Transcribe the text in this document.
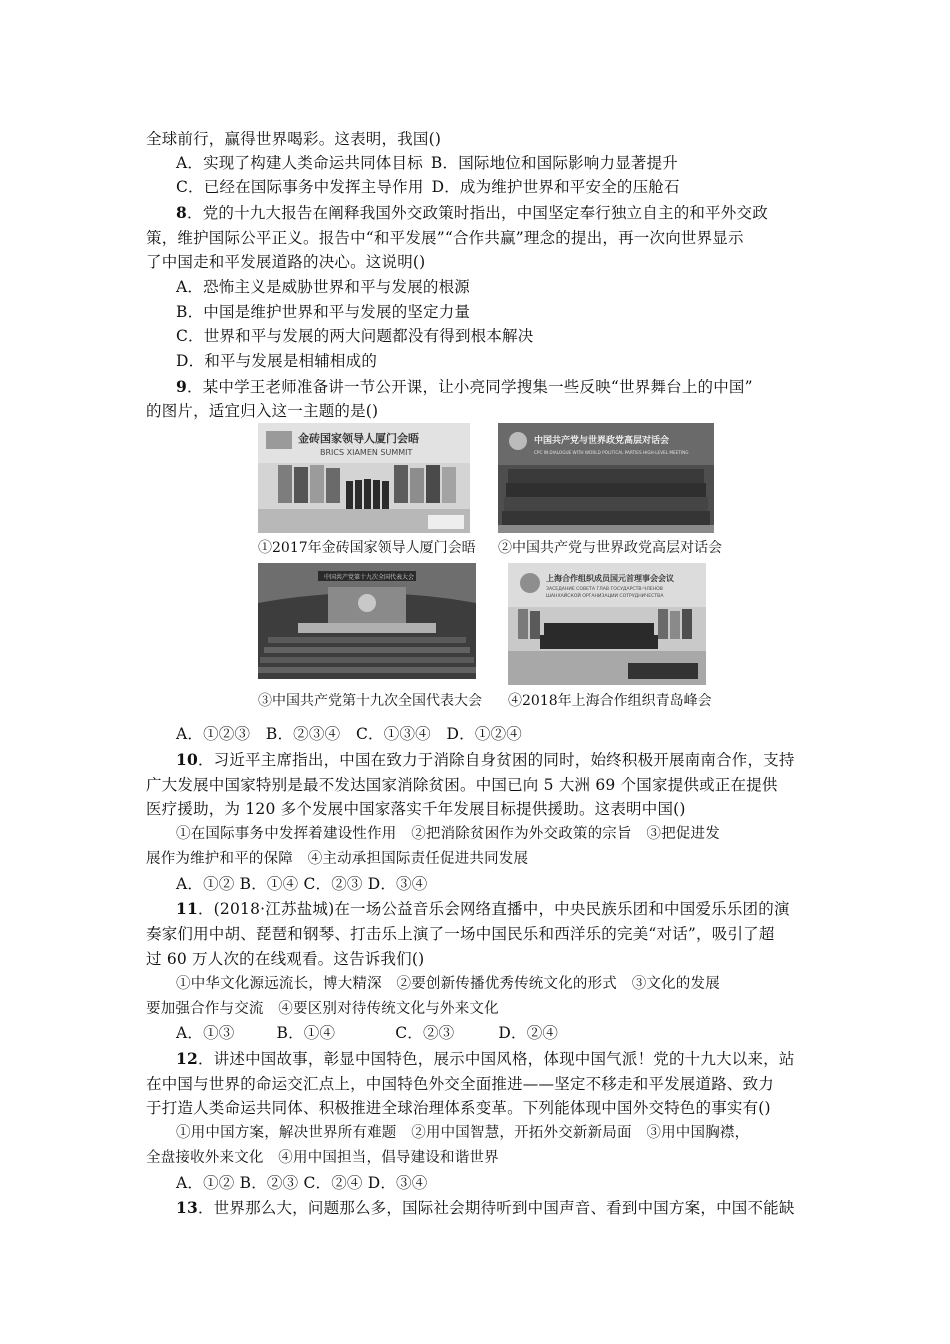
全球前行，赢得世界喝彩。这表明，我国()
A．实现了构建人类命运共同体目标 B．国际地位和国际影响力显著提升
C．已经在国际事务中发挥主导作用 D．成为维护世界和平安全的压舱石
8．党的十九大报告在阐释我国外交政策时指出，中国坚定奉行独立自主的和平外交政
策，维护国际公平正义。报告中“和平发展”“合作共赢”理念的提出，再一次向世界显示
了中国走和平发展道路的决心。这说明()
A．恐怖主义是威胁世界和平与发展的根源
B．中国是维护世界和平与发展的坚定力量
C．世界和平与发展的两大问题都没有得到根本解决
D．和平与发展是相辅相成的
9．某中学王老师准备讲一节公开课，让小亮同学搜集一些反映“世界舞台上的中国”
的图片，适宜归入这一主题的是()
金砖国家领导人厦门会晤
BRICS XIAMEN SUMMIT
①2017年金砖国家领导人厦门会晤
中国共产党与世界政党高层对话会
CPC IN DIALOGUE WITH WORLD POLITICAL PARTIES HIGH-LEVEL MEETING
②中国共产党与世界政党高层对话会
中国共产党第十九次全国代表大会
③中国共产党第十九次全国代表大会
上海合作组织成员国元首理事会会议
ЗАСЕДАНИЕ СОВЕТА ГЛАВ ГОСУДАРСТВ-ЧЛЕНОВ
ШАНХАЙСКОЙ ОРГАНИЗАЦИИ СОТРУДНИЧЕСТВА
④2018年上海合作组织青岛峰会
A．①②③　B．②③④　C．①③④　D．①②④
10．习近平主席指出，中国在致力于消除自身贫困的同时，始终积极开展南南合作，支持
广大发展中国家特别是最不发达国家消除贫困。中国已向 5 大洲 69 个国家提供或正在提供
医疗援助，为 120 多个发展中国家落实千年发展目标提供援助。这表明中国()
①在国际事务中发挥着建设性作用　②把消除贫困作为外交政策的宗旨　③把促进发
展作为维护和平的保障　④主动承担国际责任促进共同发展
A．①② B．①④ C．②③ D．③④
11．(2018·江苏盐城)在一场公益音乐会网络直播中，中央民族乐团和中国爱乐乐团的演
奏家们用中胡、琵琶和钢琴、打击乐上演了一场中国民乐和西洋乐的完美“对话”，吸引了超
过 60 万人次的在线观看。这告诉我们()
①中华文化源远流长，博大精深　②要创新传播优秀传统文化的形式　③文化的发展
要加强合作与交流　④要区别对待传统文化与外来文化
A．①③	B．①④	C．②③	D．②④
12．讲述中国故事，彰显中国特色，展示中国风格，体现中国气派！党的十九大以来，站
在中国与世界的命运交汇点上，中国特色外交全面推进——坚定不移走和平发展道路、致力
于打造人类命运共同体、积极推进全球治理体系变革。下列能体现中国外交特色的事实有()
①用中国方案，解决世界所有难题　②用中国智慧，开拓外交新新局面　③用中国胸襟，
全盘接收外来文化　④用中国担当，倡导建设和谐世界
A．①② B．②③ C．②④ D．③④
13．世界那么大，问题那么多，国际社会期待听到中国声音、看到中国方案，中国不能缺
